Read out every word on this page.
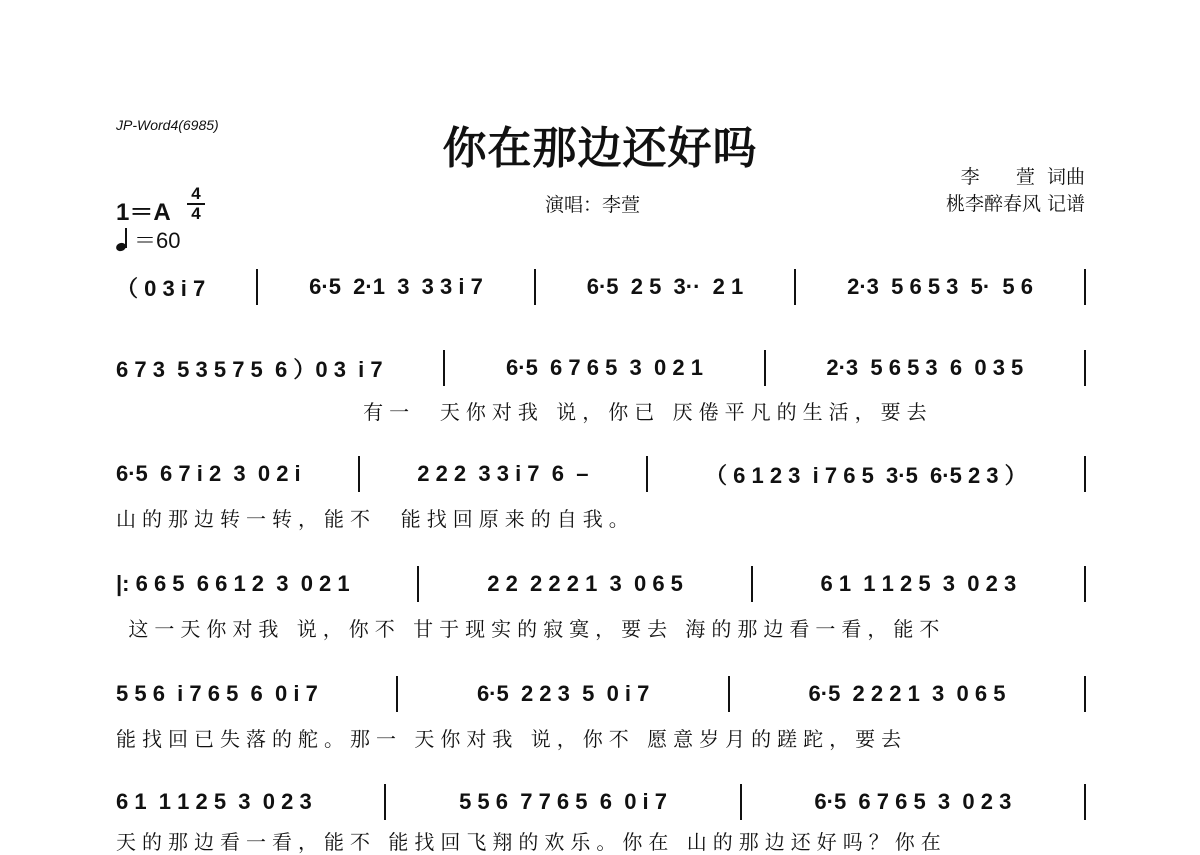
JP-Word4(6985)	你在那边还好吗
李      萱  词曲
演唱：李萱	桃李醉春风 记谱
1＝A
4
4
＝60
（ 0 3 i 7	6·5  2·1  3  3 3 i 7	6·5  2 5  3··  2 1	2·3  5 6 5 3  5·  5 6
6 7 3  5 3 5 7 5  6 ）0 3  i 7	6·5  6 7 6 5  3  0 2 1	2·3  5 6 5 3  6  0 3 5
6·5  6 7 i 2  3  0 2 i	2 2 2  3 3 i 7  6  –	（ 6 1 2 3  i 7 6 5  3·5  6·5 2 3 ）
|: 6 6 5  6 6 1 2  3  0 2 1	2 2  2 2 2 1  3  0 6 5	6 1  1 1 2 5  3  0 2 3
5 5 6  i 7 6 5  6  0 i 7	6·5  2 2 3  5  0 i 7	6·5  2 2 2 1  3  0 6 5
6 1  1 1 2 5  3  0 2 3	5 5 6  7 7 6 5  6  0 i 7	6·5  6 7 6 5  3  0 2 3
有一  天你对我 说，你已 厌倦平凡的生活，要去
山的那边转一转，能不  能找回原来的自我。
这一天你对我 说，你不 甘于现实的寂寞，要去 海的那边看一看，能不
能找回已失落的舵。那一 天你对我 说，你不 愿意岁月的蹉跎，要去
天的那边看一看，能不 能找回飞翔的欢乐。你在 山的那边还好吗？你在
